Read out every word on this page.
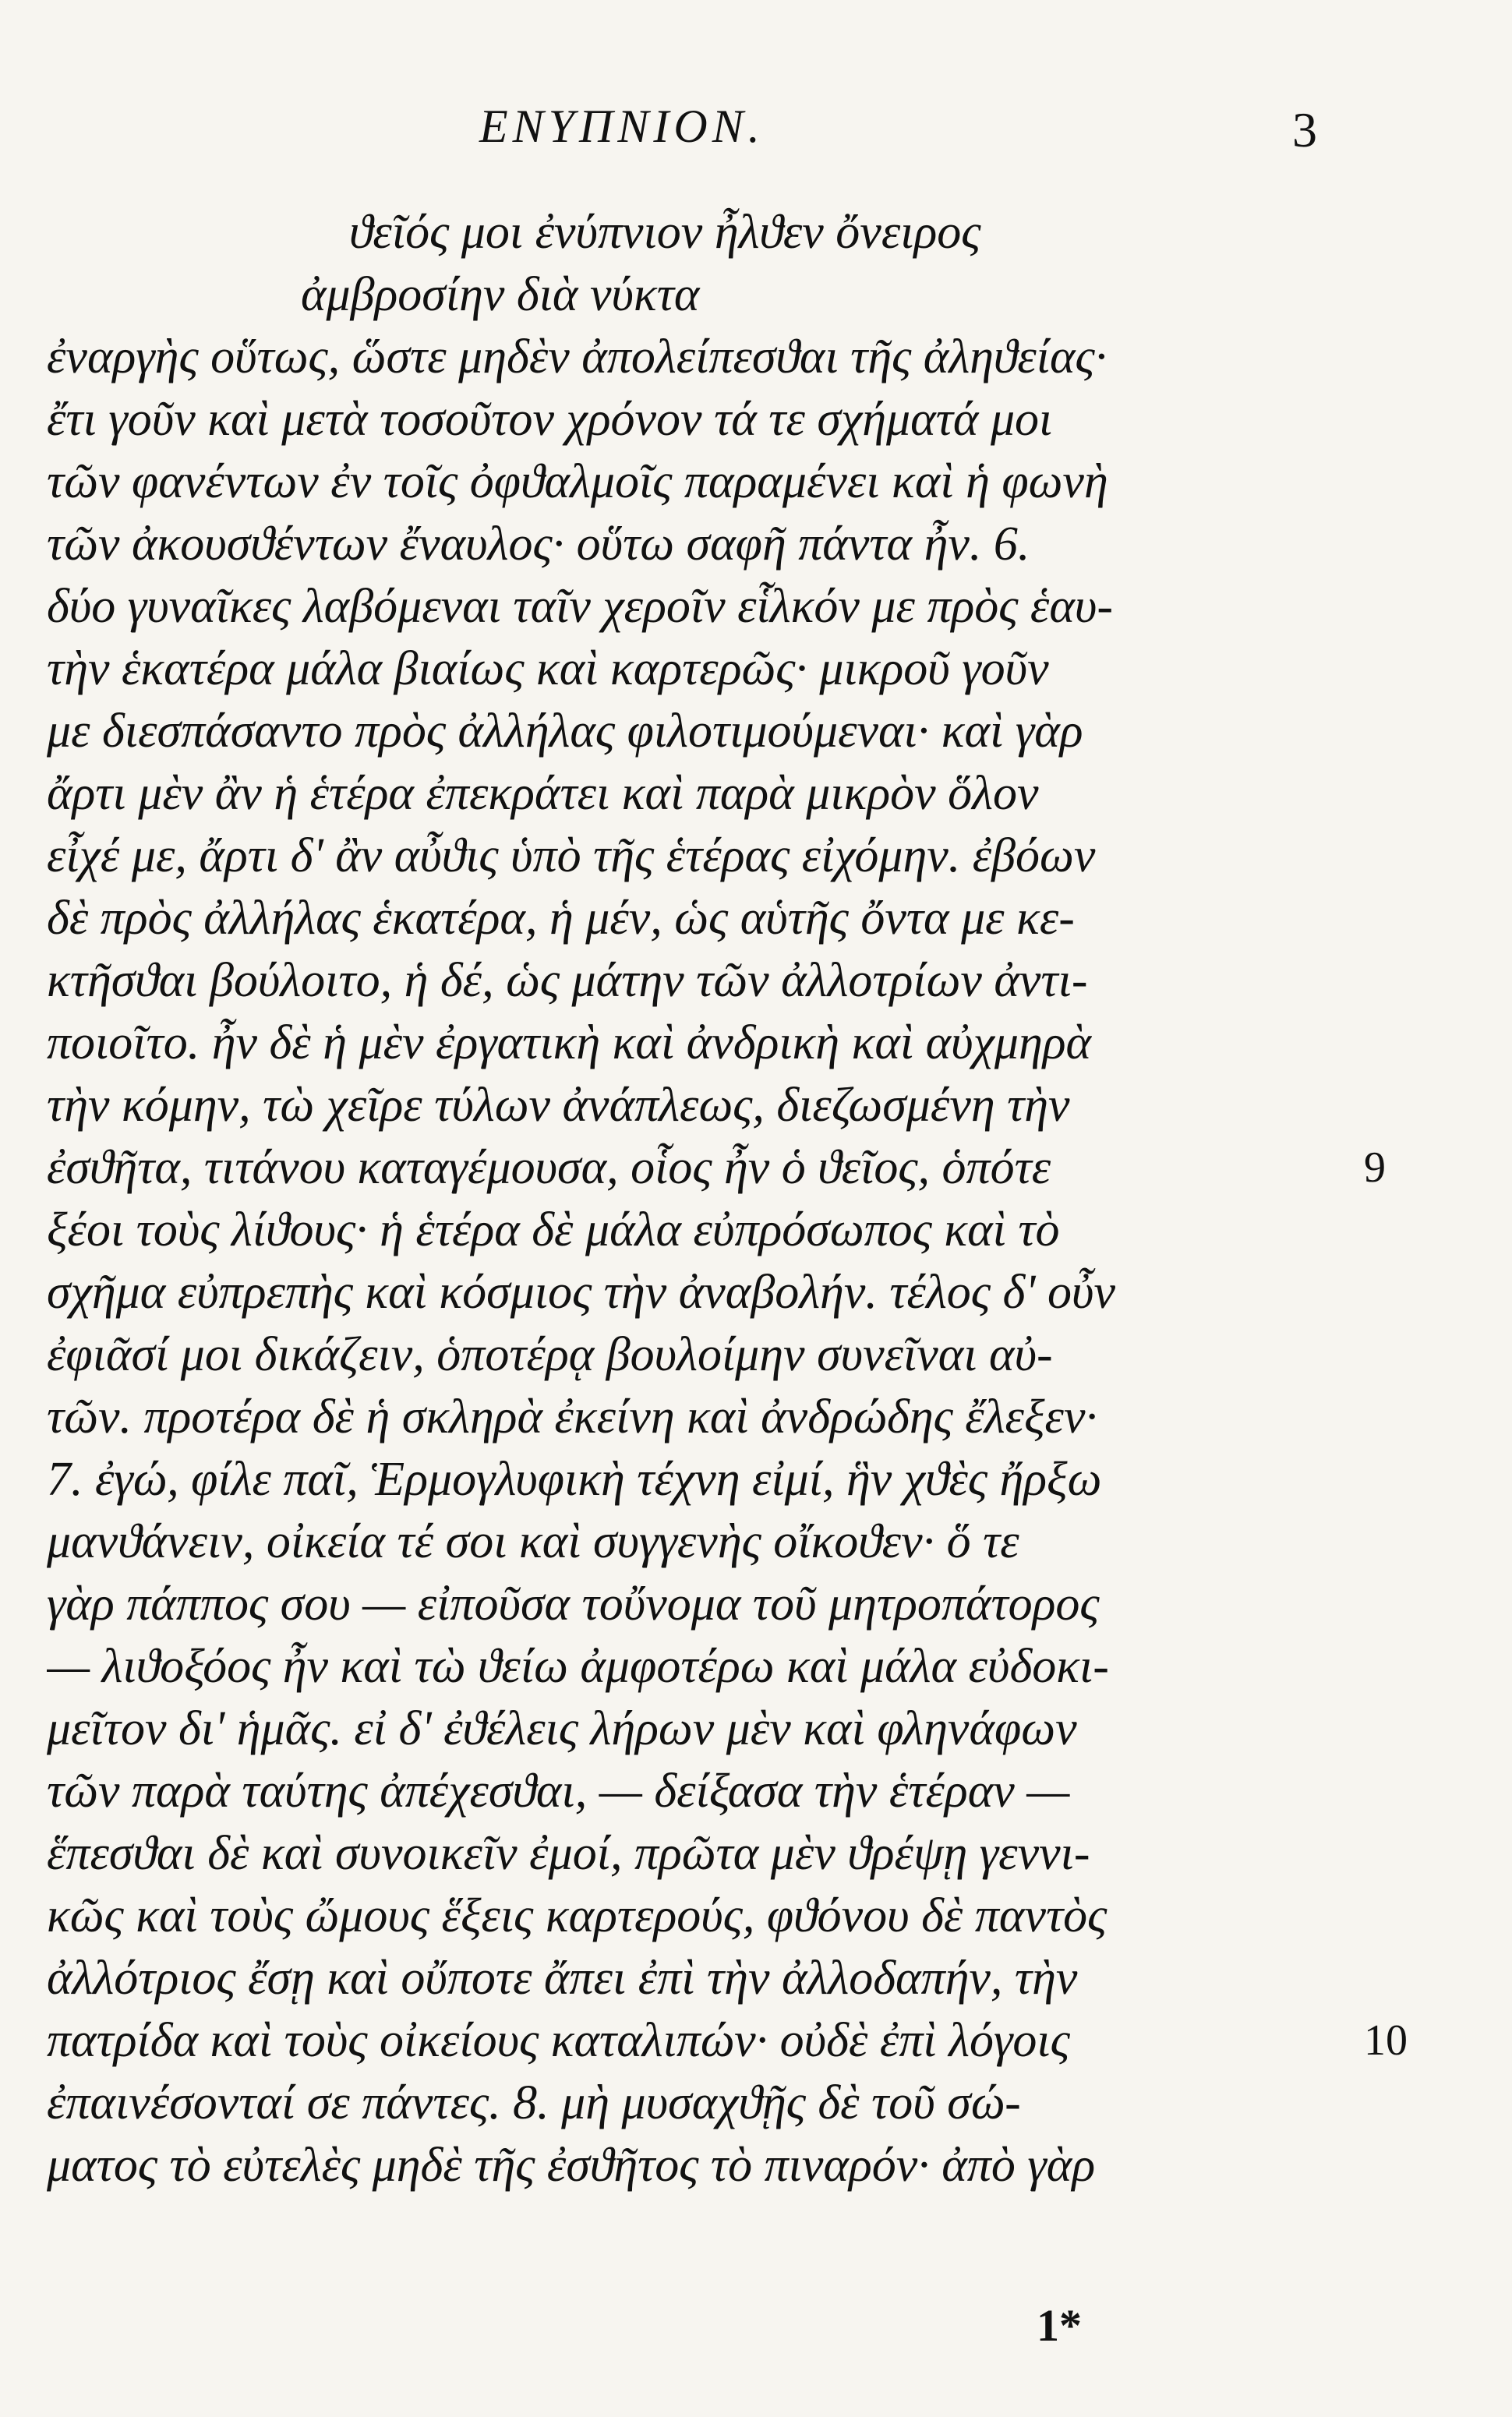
ΕΝΥΠΝΙΟΝ.	3
ϑεῖός μοι ἐνύπνιον ἦλϑεν ὄνειρος
ἀμβροσίην διὰ νύκτα
ἐναργὴς οὕτως, ὥστε μηδὲν ἀπολείπεσϑαι τῆς ἀληϑείας·
ἔτι γοῦν καὶ μετὰ τοσοῦτον χρόνον τά τε σχήματά μοι
τῶν φανέντων ἐν τοῖς ὀφϑαλμοῖς παραμένει καὶ ἡ φωνὴ
τῶν ἀκουσϑέντων ἔναυλος· οὕτω σαφῆ πάντα ἦν. 6.
δύο γυναῖκες λαβόμεναι ταῖν χεροῖν εἷλκόν με πρὸς ἑαυ-
τὴν ἑκατέρα μάλα βιαίως καὶ καρτερῶς· μικροῦ γοῦν
με διεσπάσαντο πρὸς ἀλλήλας φιλοτιμούμεναι· καὶ γὰρ
ἄρτι μὲν ἂν ἡ ἑτέρα ἐπεκράτει καὶ παρὰ μικρὸν ὅλον
εἶχέ με, ἄρτι δ' ἂν αὖϑις ὑπὸ τῆς ἑτέρας εἰχόμην. ἐβόων
δὲ πρὸς ἀλλήλας ἑκατέρα, ἡ μέν, ὡς αὑτῆς ὄντα με κε-
κτῆσϑαι βούλοιτο, ἡ δέ, ὡς μάτην τῶν ἀλλοτρίων ἀντι-
ποιοῖτο. ἦν δὲ ἡ μὲν ἐργατικὴ καὶ ἀνδρικὴ καὶ αὐχμηρὰ
τὴν κόμην, τὼ χεῖρε τύλων ἀνάπλεως, διεζωσμένη τὴν
ἐσϑῆτα, τιτάνου καταγέμουσα, οἷος ἦν ὁ ϑεῖος, ὁπότε
ξέοι τοὺς λίϑους· ἡ ἑτέρα δὲ μάλα εὐπρόσωπος καὶ τὸ
σχῆμα εὐπρεπὴς καὶ κόσμιος τὴν ἀναβολήν. τέλος δ' οὖν
ἐφιᾶσί μοι δικάζειν, ὁποτέρᾳ βουλοίμην συνεῖναι αὐ-
τῶν. προτέρα δὲ ἡ σκληρὰ ἐκείνη καὶ ἀνδρώδης ἔλεξεν·
7. ἐγώ, φίλε παῖ, Ἑρμογλυφικὴ τέχνη εἰμί, ἣν χϑὲς ἤρξω
μανϑάνειν, οἰκεία τέ σοι καὶ συγγενὴς οἴκοϑεν· ὅ τε
γὰρ πάππος σου — εἰποῦσα τοὔνομα τοῦ μητροπάτορος
— λιϑοξόος ἦν καὶ τὼ ϑείω ἀμφοτέρω καὶ μάλα εὐδοκι-
μεῖτον δι' ἡμᾶς. εἰ δ' ἐϑέλεις λήρων μὲν καὶ φληνάφων
τῶν παρὰ ταύτης ἀπέχεσϑαι, — δείξασα τὴν ἑτέραν —
ἕπεσϑαι δὲ καὶ συνοικεῖν ἐμοί, πρῶτα μὲν ϑρέψῃ γεννι-
κῶς καὶ τοὺς ὤμους ἕξεις καρτερούς, φϑόνου δὲ παντὸς
ἀλλότριος ἔσῃ καὶ οὔποτε ἄπει ἐπὶ τὴν ἀλλοδαπήν, τὴν
πατρίδα καὶ τοὺς οἰκείους καταλιπών· οὐδὲ ἐπὶ λόγοις
ἐπαινέσονταί σε πάντες. 8. μὴ μυσαχϑῇς δὲ τοῦ σώ-
ματος τὸ εὐτελὲς μηδὲ τῆς ἐσϑῆτος τὸ πιναρόν· ἀπὸ γὰρ
9
10
1*
